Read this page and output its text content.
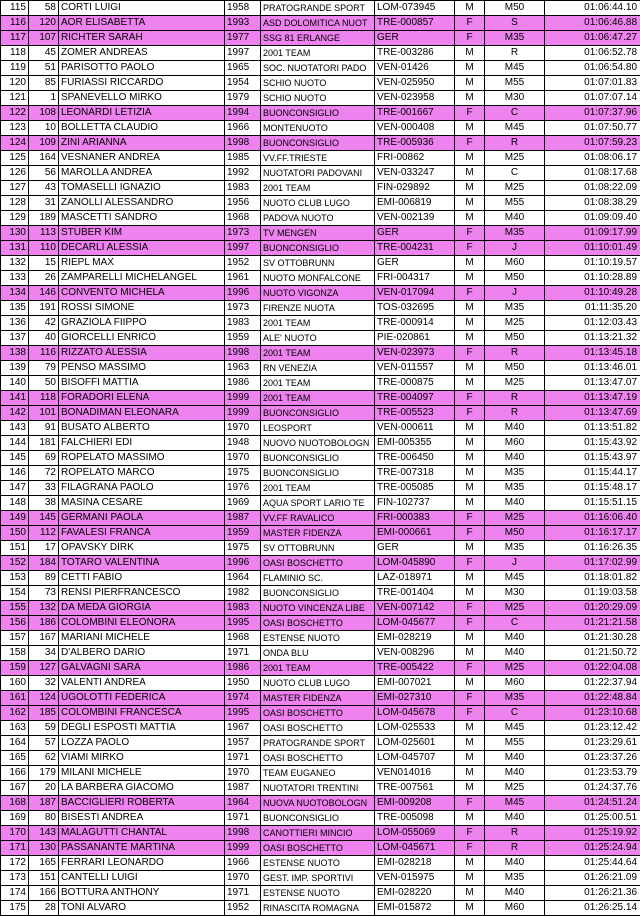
115	58	CORTI LUIGI	1958	PRATOGRANDE SPORT	LOM-073945	M	M50	01:06:44.10
116	120	AOR ELISABETTA	1993	ASD DOLOMITICA NUOT	TRE-000857	F	S	01:06:46.88
117	107	RICHTER SARAH	1977	SSG 81 ERLANGE	GER	F	M35	01:06:47.27
118	45	ZOMER ANDREAS	1997	2001 TEAM	TRE-003286	M	R	01:06:52.78
119	51	PARISOTTO PAOLO	1965	SOC. NUOTATORI PADO	VEN-01426	M	M45	01:06:54.80
120	85	FURIASSI RICCARDO	1954	SCHIO NUOTO	VEN-025950	M	M55	01:07:01.83
121	1	SPANEVELLO MIRKO	1979	SCHIO NUOTO	VEN-023958	M	M30	01:07:07.14
122	108	LEONARDI LETIZIA	1994	BUONCONSIGLIO	TRE-001667	F	C	01:07:37.96
123	10	BOLLETTA CLAUDIO	1966	MONTENUOTO	VEN-000408	M	M45	01:07:50.77
124	109	ZINI ARIANNA	1998	BUONCONSIGLIO	TRE-005936	F	R	01:07:59.23
125	164	VESNANER ANDREA	1985	VV.FF.TRIESTE	FRI-00862	M	M25	01:08:06.17
126	56	MAROLLA ANDREA	1992	NUOTATORI PADOVANI	VEN-033247	M	C	01:08:17.68
127	43	TOMASELLI IGNAZIO	1983	2001 TEAM	FIN-029892	M	M25	01:08:22.09
128	31	ZANOLLI ALESSANDRO	1956	NUOTO CLUB LUGO	EMI-006819	M	M55	01:08:38.29
129	189	MASCETTI SANDRO	1968	PADOVA NUOTO	VEN-002139	M	M40	01:09:09.40
130	113	STUBER KIM	1973	TV MENGEN	GER	F	M35	01:09:17.99
131	110	DECARLI ALESSIA	1997	BUONCONSIGLIO	TRE-004231	F	J	01:10:01.49
132	15	RIEPL MAX	1952	SV OTTOBRUNN	GER	M	M60	01:10:19.57
133	26	ZAMPARELLI MICHELANGEL	1961	NUOTO MONFALCONE	FRI-004317	M	M50	01:10:28.89
134	146	CONVENTO MICHELA	1996	NUOTO VIGONZA	VEN-017094	F	J	01:10:49.28
135	191	ROSSI SIMONE	1973	FIRENZE NUOTA	TOS-032695	M	M35	01:11:35.20
136	42	GRAZIOLA FIIPPO	1983	2001 TEAM	TRE-000914	M	M25	01:12:03.43
137	40	GIORCELLI ENRICO	1959	ALE' NUOTO	PIE-020861	M	M50	01:13:21.32
138	116	RIZZATO ALESSIA	1998	2001 TEAM	VEN-023973	F	R	01:13:45.18
139	79	PENSO MASSIMO	1963	RN VENEZIA	VEN-011557	M	M50	01:13:46.01
140	50	BISOFFI MATTIA	1986	2001 TEAM	TRE-000875	M	M25	01:13:47.07
141	118	FORADORI ELENA	1999	2001 TEAM	TRE-004097	F	R	01:13:47.19
142	101	BONADIMAN ELEONARA	1999	BUONCONSIGLIO	TRE-005523	F	R	01:13:47.69
143	91	BUSATO ALBERTO	1970	LEOSPORT	VEN-000611	M	M40	01:13:51.82
144	181	FALCHIERI EDI	1948	NUOVO NUOTOBOLOGN	EMI-005355	M	M60	01:15:43.92
145	69	ROPELATO MASSIMO	1970	BUONCONSIGLIO	TRE-006450	M	M40	01:15:43.97
146	72	ROPELATO MARCO	1975	BUONCONSIGLIO	TRE-007318	M	M35	01:15:44.17
147	33	FILAGRANA PAOLO	1976	2001 TEAM	TRE-005085	M	M35	01:15:48.17
148	38	MASINA CESARE	1969	AQUA SPORT LARIO TE	FIN-102737	M	M40	01:15:51.15
149	145	GERMANI PAOLA	1987	VV.FF RAVALICO	FRI-000383	F	M25	01:16:06.40
150	112	FAVALESI FRANCA	1959	MASTER FIDENZA	EMI-000661	F	M50	01:16:17.17
151	17	OPAVSKY DIRK	1975	SV OTTOBRUNN	GER	M	M35	01:16:26.35
152	184	TOTARO VALENTINA	1996	OASI BOSCHETTO	LOM-045890	F	J	01:17:02.99
153	89	CETTI FABIO	1964	FLAMINIO SC.	LAZ-018971	M	M45	01:18:01.82
154	73	RENSI PIERFRANCESCO	1982	BUONCONSIGLIO	TRE-001404	M	M30	01:19:03.58
155	132	DA MEDA GIORGIA	1983	NUOTO VINCENZA LIBE	VEN-007142	F	M25	01:20:29.09
156	186	COLOMBINI ELEONORA	1995	OASI BOSCHETTO	LOM-045677	F	C	01:21:21.58
157	167	MARIANI MICHELE	1968	ESTENSE NUOTO	EMI-028219	M	M40	01:21:30.28
158	34	D'ALBERO DARIO	1971	ONDA BLU	VEN-008296	M	M40	01:21:50.72
159	127	GALVAGNI SARA	1986	2001 TEAM	TRE-005422	F	M25	01:22:04.08
160	32	VALENTI ANDREA	1950	NUOTO CLUB LUGO	EMI-007021	M	M60	01:22:37.94
161	124	UGOLOTTI FEDERICA	1974	MASTER FIDENZA	EMI-027310	F	M35	01:22:48.84
162	185	COLOMBINI FRANCESCA	1995	OASI BOSCHETTO	LOM-045678	F	C	01:23:10.68
163	59	DEGLI ESPOSTI MATTIA	1967	OASI BOSCHETTO	LOM-025533	M	M45	01:23:12.42
164	57	LOZZA PAOLO	1957	PRATOGRANDE SPORT	LOM-025601	M	M55	01:23:29.61
165	62	VIAMI MIRKO	1971	OASI BOSCHETTO	LOM-045707	M	M40	01:23:37.26
166	179	MILANI MICHELE	1970	TEAM EUGANEO	VEN014016	M	M40	01:23:53.79
167	20	LA BARBERA GIACOMO	1987	NUOTATORI TRENTINI	TRE-007561	M	M25	01:24:37.76
168	187	BACCIGLIERI ROBERTA	1964	NUOVA NUOTOBOLOGN	EMI-009208	F	M45	01:24:51.24
169	80	BISESTI ANDREA	1971	BUONCONSIGLIO	TRE-005098	M	M40	01:25:00.51
170	143	MALAGUTTI CHANTAL	1998	CANOTTIERI MINCIO	LOM-055069	F	R	01:25:19.92
171	130	PASSANANTE MARTINA	1999	OASI BOSCHETTO	LOM-045671	F	R	01:25:24.94
172	165	FERRARI LEONARDO	1966	ESTENSE NUOTO	EMI-028218	M	M40	01:25:44.64
173	151	CANTELLI LUIGI	1970	GEST. IMP. SPORTIVI	VEN-015975	M	M35	01:26:21.09
174	166	BOTTURA ANTHONY	1971	ESTENSE NUOTO	EMI-028220	M	M40	01:26:21.36
175	28	TONI ALVARO	1952	RINASCITA ROMAGNA	EMI-015872	M	M60	01:26:25.14
